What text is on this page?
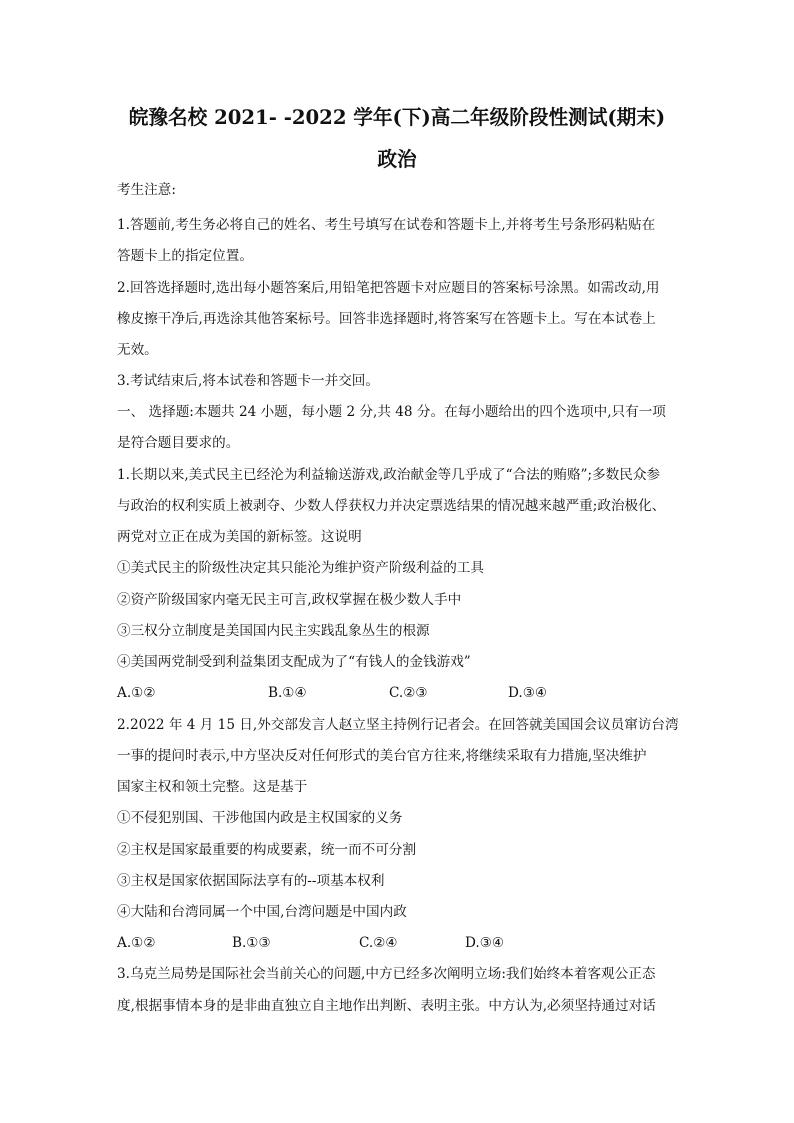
皖豫名校 2021- -2022 学年(下)高二年级阶段性测试(期末)
政治
考生注意:
1.答题前,考生务必将自己的姓名、考生号填写在试卷和答题卡上,并将考生号条形码粘贴在
答题卡上的指定位置。
2.回答选择题时,选出每小题答案后,用铅笔把答题卡对应题目的答案标号涂黑。如需改动,用
橡皮擦干净后,再选涂其他答案标号。回答非选择题时,将答案写在答题卡上。写在本试卷上
无效。
3.考试结束后,将本试卷和答题卡一并交回。
一、 选择题:本题共 24 小题，每小题 2 分,共 48 分。在每小题给出的四个选项中,只有一项
是符合题目要求的。
1.长期以来,美式民主已经沦为利益输送游戏,政治献金等几乎成了“合法的贿赂”;多数民众参
与政治的权利实质上被剥夺、少数人俘获权力并决定票选结果的情况越来越严重;政治极化、
两党对立正在成为美国的新标签。这说明
①美式民主的阶级性决定其只能沦为维护资产阶级利益的工具
②资产阶级国家内毫无民主可言,政权掌握在极少数人手中
③三权分立制度是美国国内民主实践乱象丛生的根源
④美国两党制受到利益集团支配成为了“有钱人的金钱游戏”
A.①②	B.①④	C.②③	D.③④
2.2022 年 4 月 15 日,外交部发言人赵立坚主持例行记者会。在回答就美国国会议员窜访台湾
一事的提问时表示,中方坚决反对任何形式的美台官方往来,将继续采取有力措施,坚决维护
国家主权和领土完整。这是基于
①不侵犯别国、干涉他国内政是主权国家的义务
②主权是国家最重要的构成要素，统一而不可分割
③主权是国家依据国际法享有的--项基本权利
④大陆和台湾同属一个中国,台湾问题是中国内政
A.①②	B.①③	C.②④	D.③④
3.乌克兰局势是国际社会当前关心的问题,中方已经多次阐明立场:我们始终本着客观公正态
度,根据事情本身的是非曲直独立自主地作出判断、表明主张。中方认为,必须坚持通过对话
